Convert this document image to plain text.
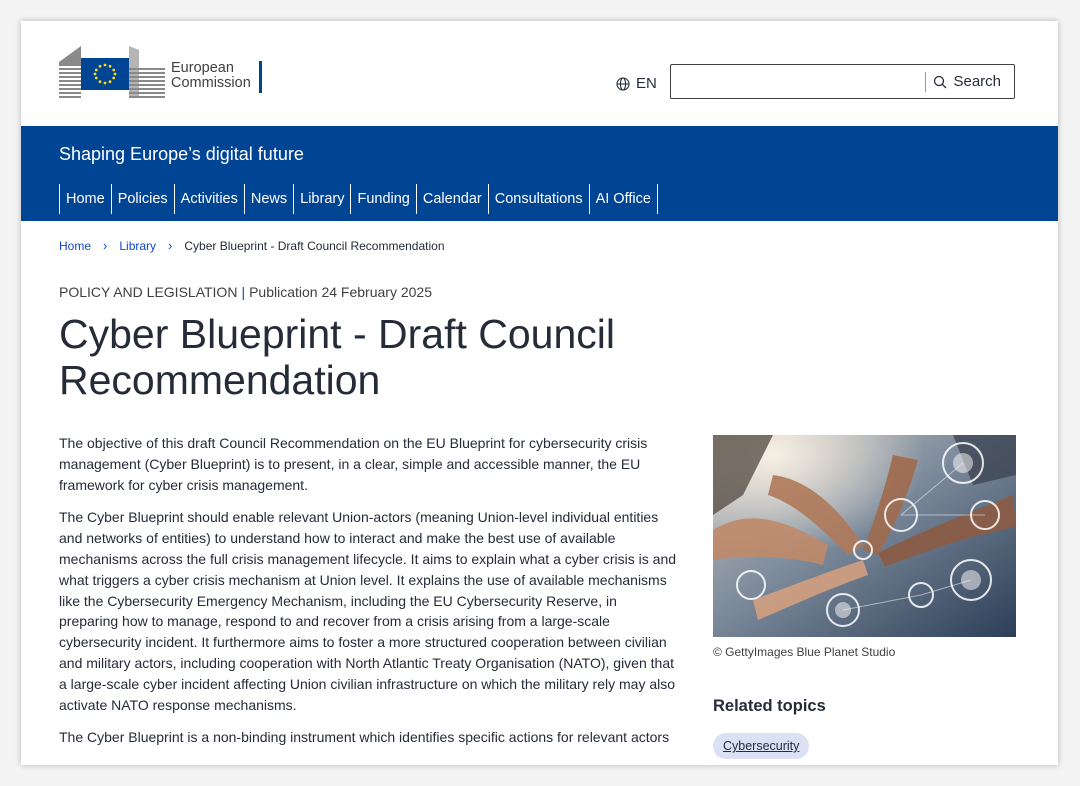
European
Commission	EN	Search
Shaping Europe’s digital future
Home Policies Activities News Library Funding Calendar Consultations AI Office
Home › Library › Cyber Blueprint - Draft Council Recommendation
POLICY AND LEGISLATION | Publication 24 February 2025
Cyber Blueprint - Draft Council Recommendation

The objective of this draft Council Recommendation on the EU Blueprint for cybersecurity crisis management (Cyber Blueprint) is to present, in a clear, simple and accessible manner, the EU framework for cyber crisis management.

The Cyber Blueprint should enable relevant Union-actors (meaning Union-level individual entities and networks of entities) to understand how to interact and make the best use of available mechanisms across the full crisis management lifecycle. It aims to explain what a cyber crisis is and what triggers a cyber crisis mechanism at Union level. It explains the use of available mechanisms like the Cybersecurity Emergency Mechanism, including the EU Cybersecurity Reserve, in preparing how to manage, respond to and recover from a crisis arising from a large-scale cybersecurity incident. It furthermore aims to foster a more structured cooperation between civilian and military actors, including cooperation with North Atlantic Treaty Organisation (NATO), given that a large-scale cyber incident affecting Union civilian infrastructure on which the military rely may also activate NATO response mechanisms.

The Cyber Blueprint is a non-binding instrument which identifies specific actions for relevant actors

© GettyImages Blue Planet Studio
Related topics
Cybersecurity
